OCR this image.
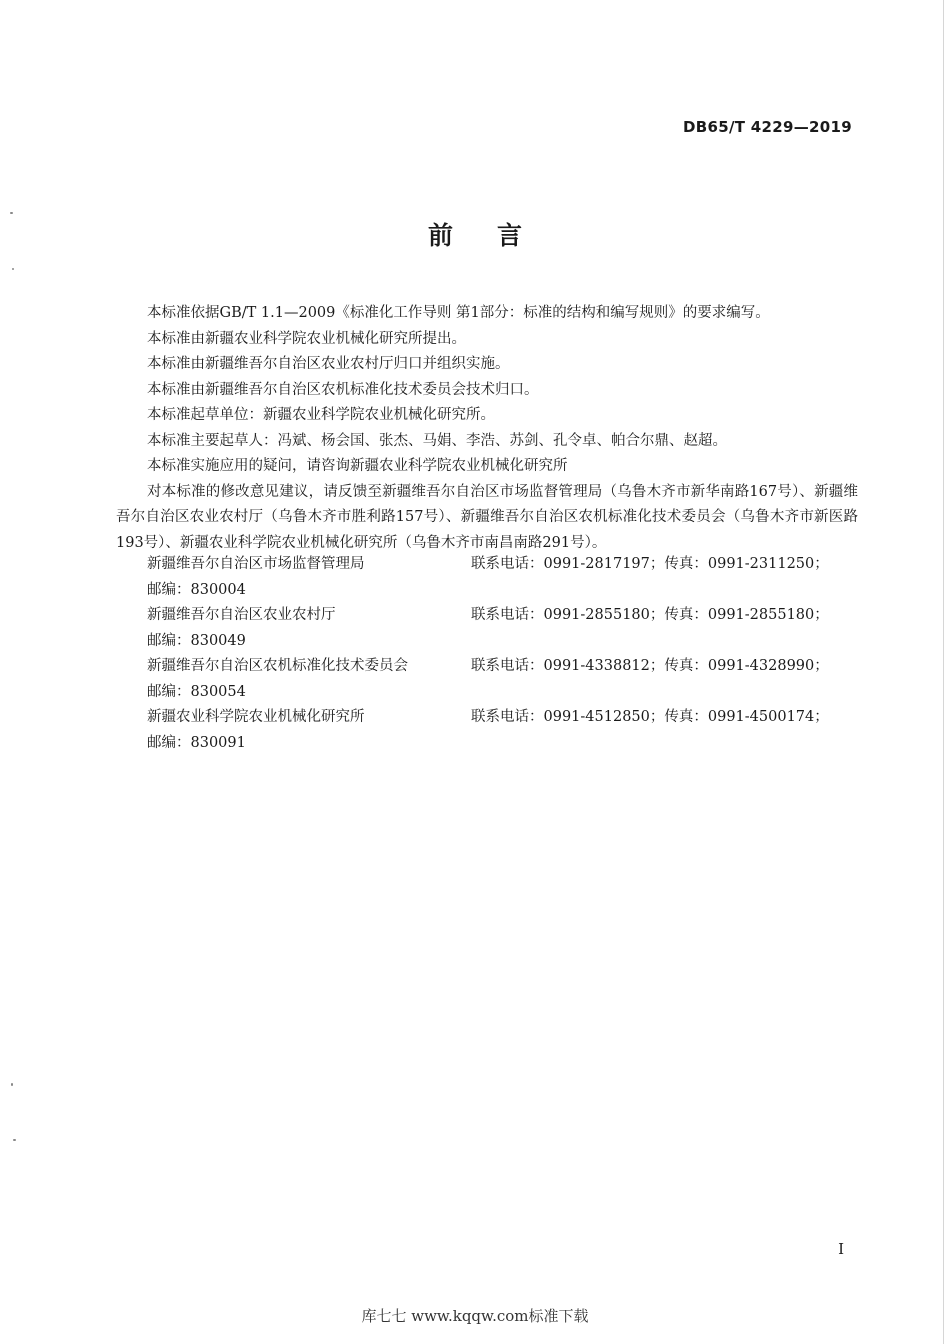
DB65/T 4229—2019
前言

本标准依据GB/T 1.1—2009《标准化工作导则 第1部分：标准的结构和编写规则》的要求编写。

本标准由新疆农业科学院农业机械化研究所提出。

本标准由新疆维吾尔自治区农业农村厅归口并组织实施。

本标准由新疆维吾尔自治区农机标准化技术委员会技术归口。

本标准起草单位：新疆农业科学院农业机械化研究所。

本标准主要起草人：冯斌、杨会国、张杰、马娟、李浩、苏剑、孔令卓、帕合尔鼎、赵超。

本标准实施应用的疑问，请咨询新疆农业科学院农业机械化研究所

对本标准的修改意见建议，请反馈至新疆维吾尔自治区市场监督管理局（乌鲁木齐市新华南路167号）、新疆维吾尔自治区农业农村厅（乌鲁木齐市胜利路157号）、新疆维吾尔自治区农机标准化技术委员会（乌鲁木齐市新医路193号）、新疆农业科学院农业机械化研究所（乌鲁木齐市南昌南路291号）。

新疆维吾尔自治区市场监督管理局	联系电话：0991-2817197；传真：0991-2311250；
邮编：830004
新疆维吾尔自治区农业农村厅	联系电话：0991-2855180；传真：0991-2855180；
邮编：830049
新疆维吾尔自治区农机标准化技术委员会	联系电话：0991-4338812；传真：0991-4328990；
邮编：830054
新疆农业科学院农业机械化研究所	联系电话：0991-4512850；传真：0991-4500174；
邮编：830091
I
库七七 www.kqqw.com标准下载
